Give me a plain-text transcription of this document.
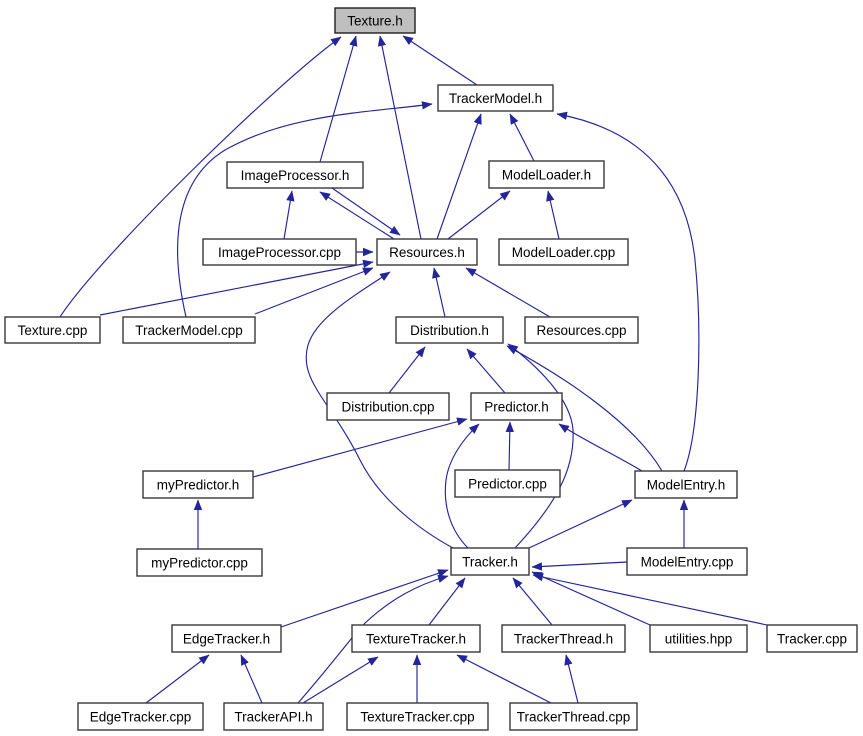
Texture.h
TrackerModel.h
ImageProcessor.h	ModelLoader.h
ImageProcessor.cpp	Resources.h	ModelLoader.cpp
Texture.cpp	TrackerModel.cpp	Distribution.h	Resources.cpp
Distribution.cpp	Predictor.h
myPredictor.h	Predictor.cpp	ModelEntry.h
myPredictor.cpp	Tracker.h	ModelEntry.cpp
EdgeTracker.h	TextureTracker.h	TrackerThread.h	utilities.hpp	Tracker.cpp
EdgeTracker.cpp	TrackerAPI.h	TextureTracker.cpp	TrackerThread.cpp
